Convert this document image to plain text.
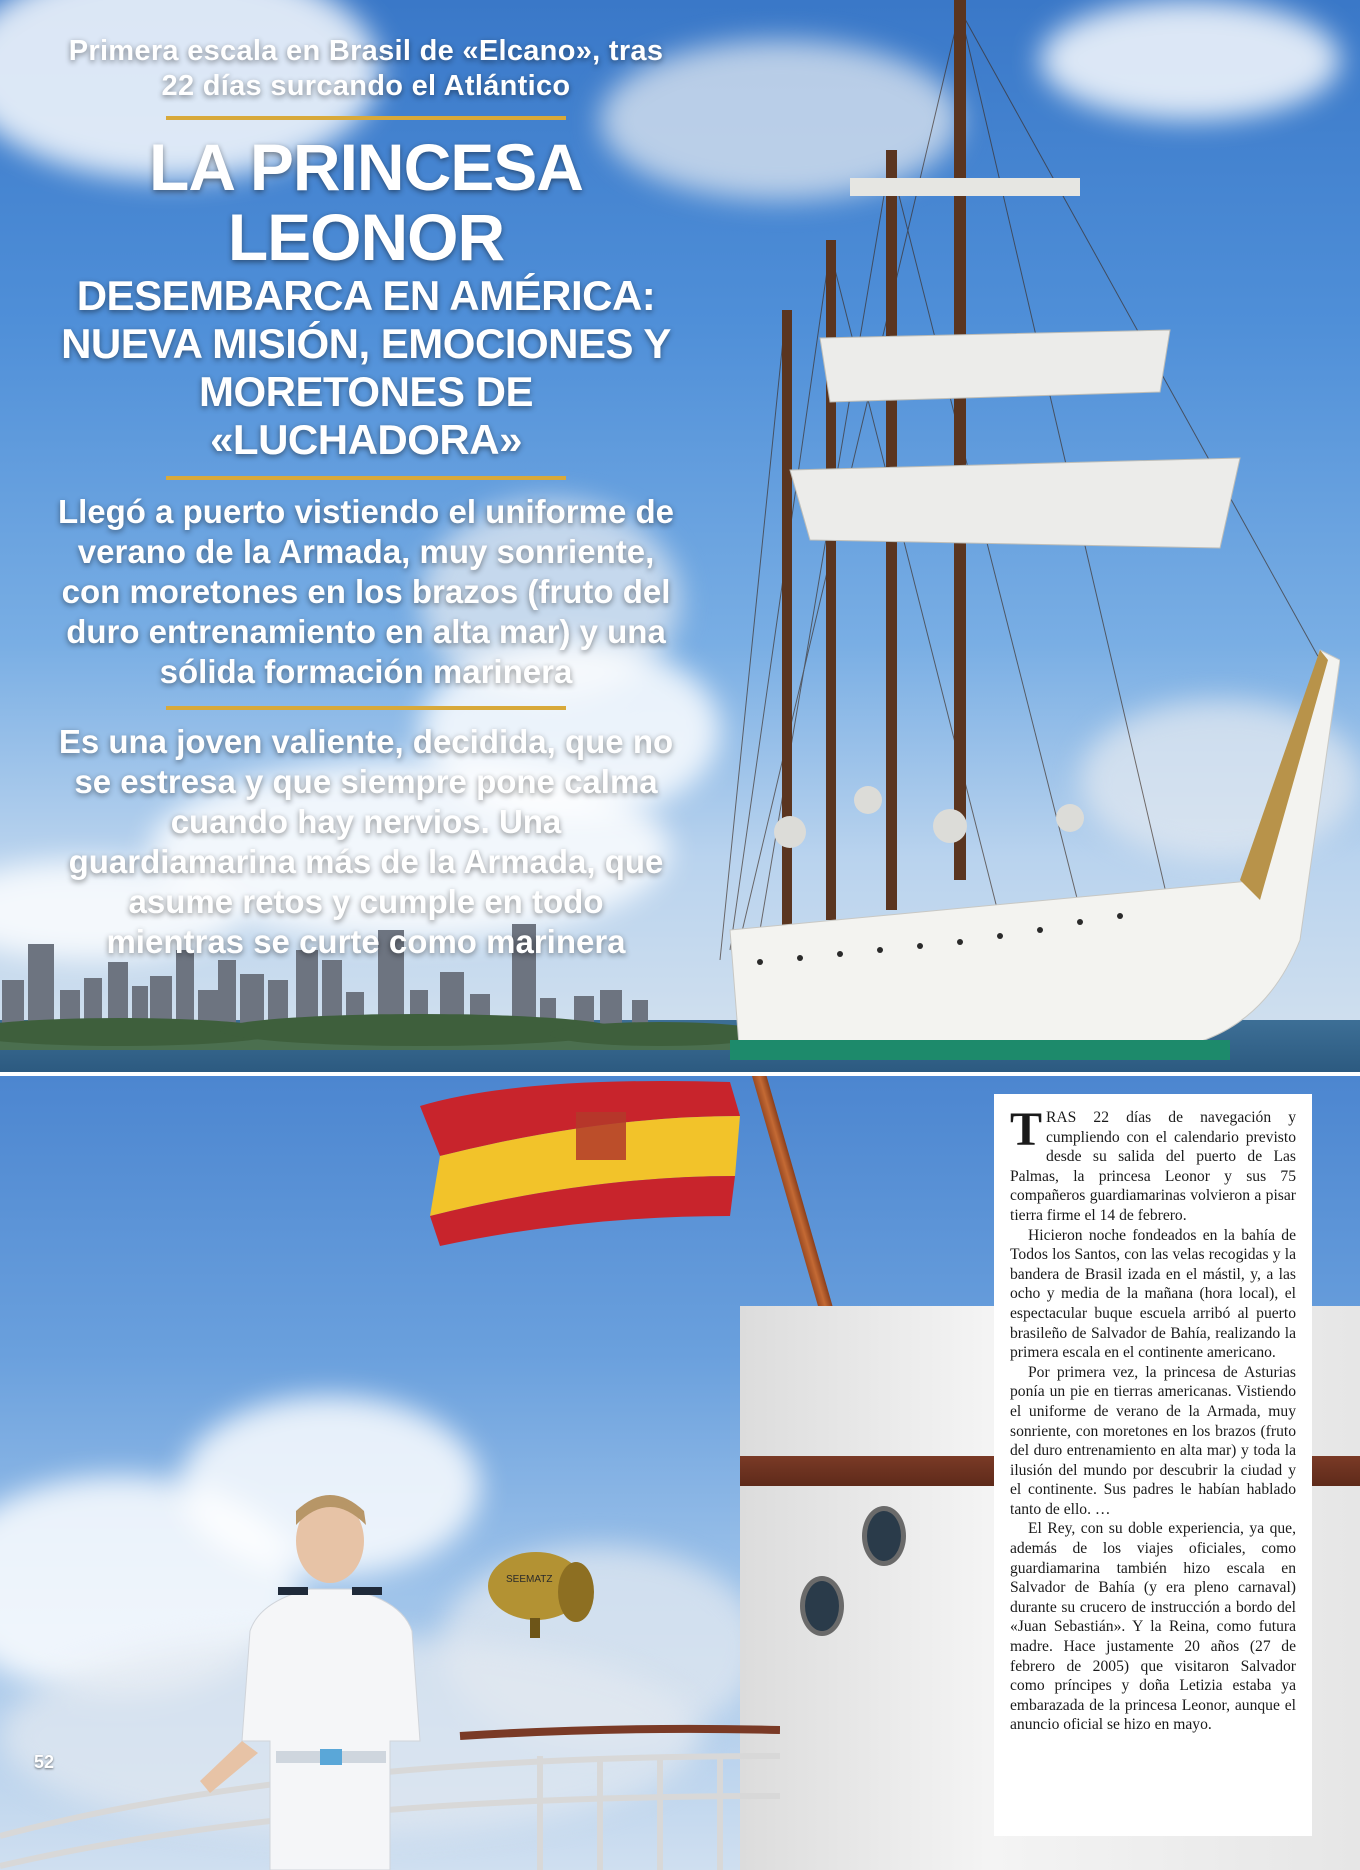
Primera escala en Brasil de «Elcano», tras 22 días surcando el Atlántico
LA PRINCESA LEONOR
DESEMBARCA EN AMÉRICA: NUEVA MISIÓN, EMOCIONES Y MORETONES DE «LUCHADORA»
Llegó a puerto vistiendo el uniforme de verano de la Armada, muy sonriente, con moretones en los brazos (fruto del duro entrenamiento en alta mar) y una sólida formación marinera
Es una joven valiente, decidida, que no se estresa y que siempre pone calma cuando hay nervios. Una guardiamarina más de la Armada, que asume retos y cumple en todo mientras se curte como marinera
SEEMATZ
52

TRAS 22 días de navegación y cumpliendo con el calendario previsto desde su salida del puerto de Las Palmas, la princesa Leonor y sus 75 compañeros guardiamarinas volvieron a pisar tierra firme el 14 de febrero.

Hicieron noche fondeados en la bahía de Todos los Santos, con las velas recogidas y la bandera de Brasil izada en el mástil, y, a las ocho y media de la mañana (hora local), el espectacular buque escuela arribó al puerto brasileño de Salvador de Bahía, realizando la primera escala en el continente americano.

Por primera vez, la princesa de Asturias ponía un pie en tierras americanas. Vistiendo el uniforme de verano de la Armada, muy sonriente, con moretones en los brazos (fruto del duro entrenamiento en alta mar) y toda la ilusión del mundo por descubrir la ciudad y el continente. Sus padres le habían hablado tanto de ello. …

El Rey, con su doble experiencia, ya que, además de los viajes oficiales, como guardiamarina también hizo escala en Salvador de Bahía (y era pleno carnaval) durante su crucero de instrucción a bordo del «Juan Sebastián». Y la Reina, como futura madre. Hace justamente 20 años (27 de febrero de 2005) que visitaron Salvador como príncipes y doña Letizia estaba ya embarazada de la princesa Leonor, aunque el anuncio oficial se hizo en mayo.
